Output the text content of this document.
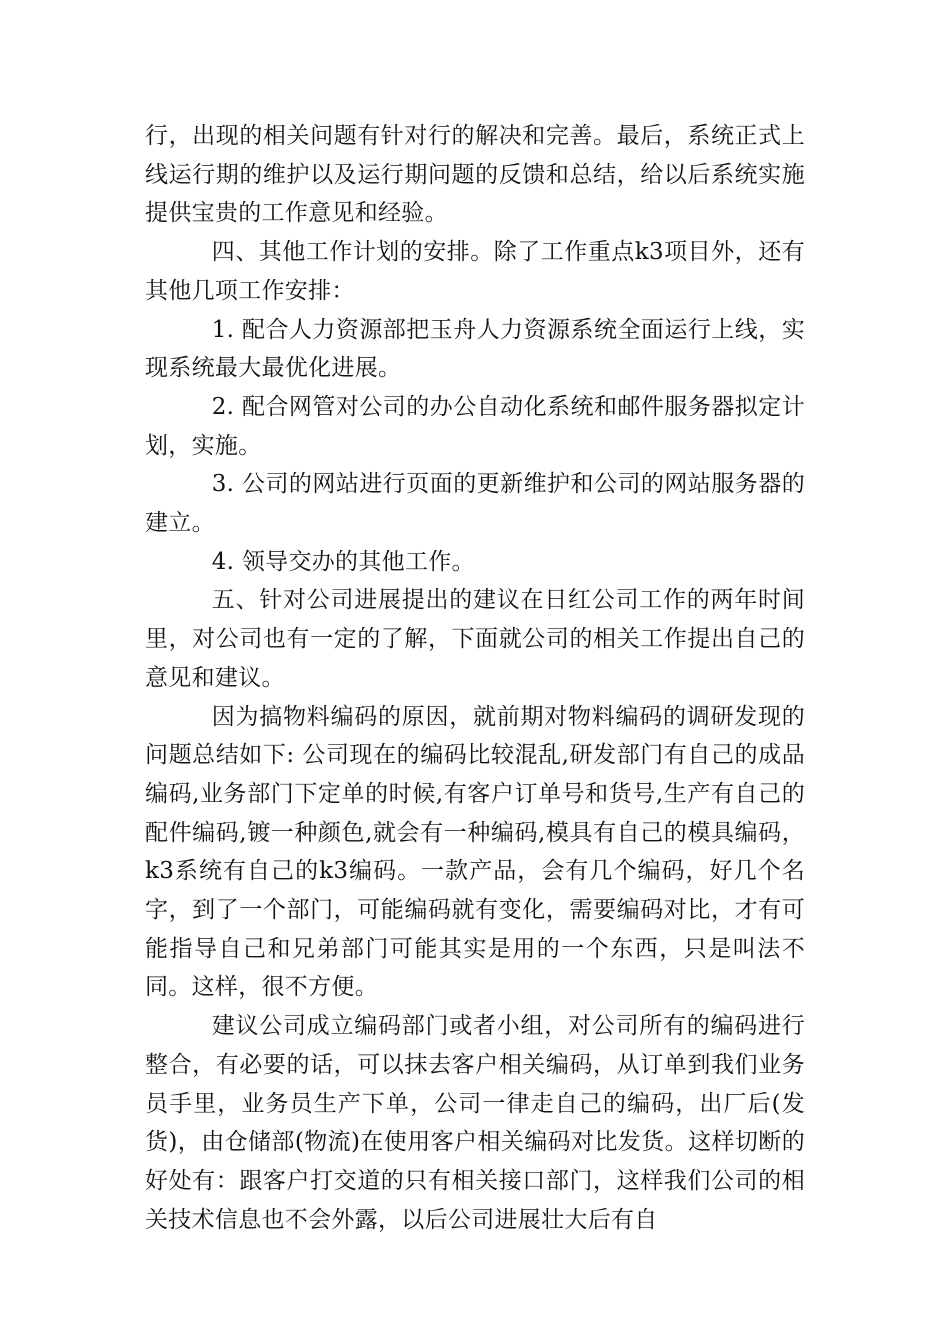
行，出现的相关问题有针对行的解决和完善。最后，系统正式上线运行期的维护以及运行期问题的反馈和总结，给以后系统实施提供宝贵的工作意见和经验。

四、其他工作计划的安排。除了工作重点k3项目外，还有其他几项工作安排：

1. 配合人力资源部把玉舟人力资源系统全面运行上线，实现系统最大最优化进展。

2. 配合网管对公司的办公自动化系统和邮件服务器拟定计划，实施。

3. 公司的网站进行页面的更新维护和公司的网站服务器的建立。

4. 领导交办的其他工作。

五、针对公司进展提出的建议在日红公司工作的两年时间里，对公司也有一定的了解，下面就公司的相关工作提出自己的意见和建议。

因为搞物料编码的原因，就前期对物料编码的调研发现的问题总结如下: 公司现在的编码比较混乱,研发部门有自己的成品编码,业务部门下定单的时候,有客户订单号和货号,生产有自己的配件编码,镀一种颜色,就会有一种编码,模具有自己的模具编码，k3系统有自己的k3编码。一款产品，会有几个编码，好几个名字，到了一个部门，可能编码就有变化，需要编码对比，才有可能指导自己和兄弟部门可能其实是用的一个东西，只是叫法不同。这样，很不方便。

建议公司成立编码部门或者小组，对公司所有的编码进行整合，有必要的话，可以抹去客户相关编码，从订单到我们业务员手里，业务员生产下单，公司一律走自己的编码，出厂后(发货)，由仓储部(物流)在使用客户相关编码对比发货。这样切断的好处有：跟客户打交道的只有相关接口部门，这样我们公司的相关技术信息也不会外露，以后公司进展壮大后有自
